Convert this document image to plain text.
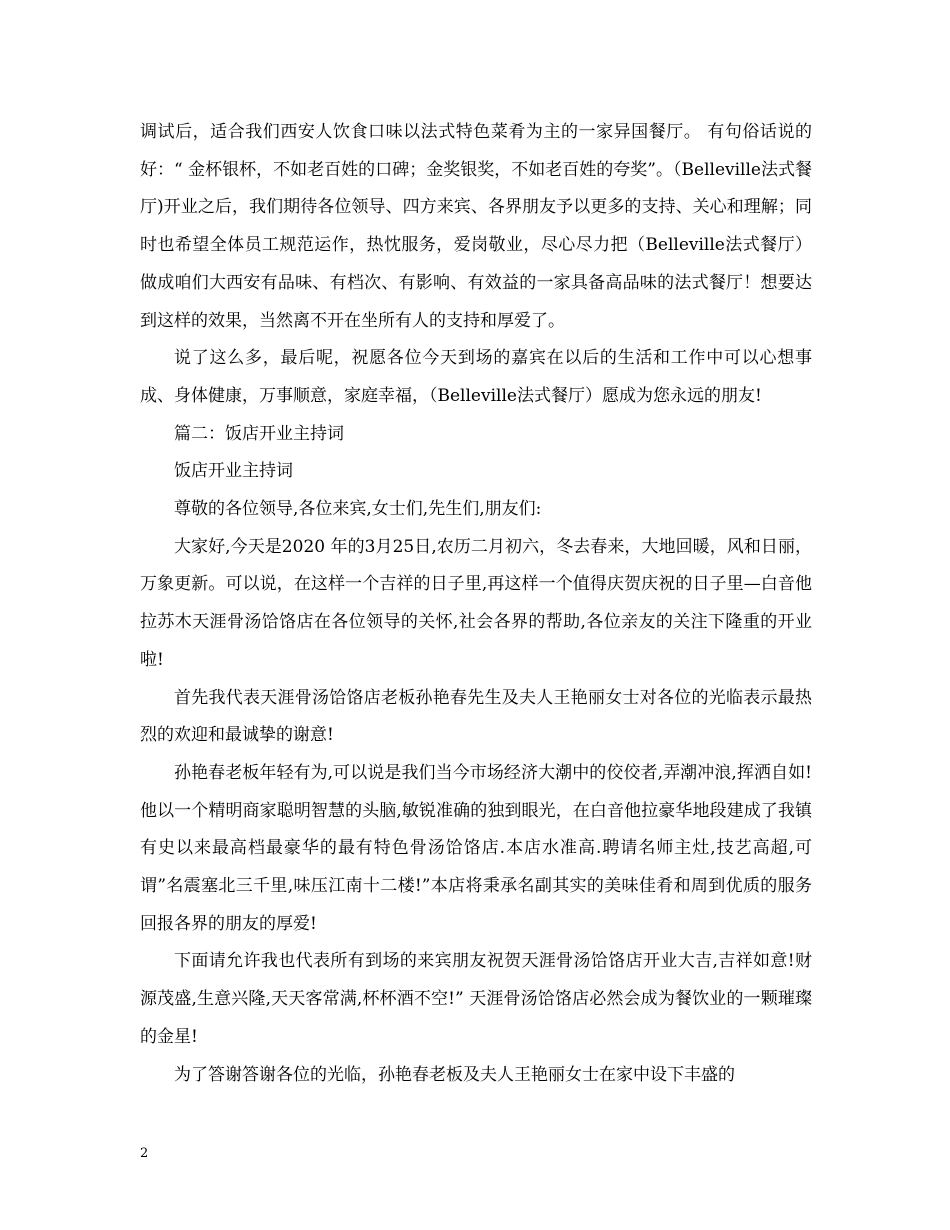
调试后，适合我们西安人饮食口味以法式特色菜肴为主的一家异国餐厅。 有句俗话说的好：“ 金杯银杯，不如老百姓的口碑；金奖银奖，不如老百姓的夸奖”。（Belleville法式餐厅)开业之后，我们期待各位领导、四方来宾、各界朋友予以更多的支持、关心和理解；同时也希望全体员工规范运作，热忱服务，爱岗敬业，尽心尽力把（Belleville法式餐厅）做成咱们大西安有品味、有档次、有影响、有效益的一家具备高品味的法式餐厅！想要达到这样的效果，当然离不开在坐所有人的支持和厚爱了。

说了这么多，最后呢，祝愿各位今天到场的嘉宾在以后的生活和工作中可以心想事成、身体健康，万事顺意，家庭幸福，（Belleville法式餐厅）愿成为您永远的朋友!

篇二：饭店开业主持词

饭店开业主持词

尊敬的各位领导,各位来宾,女士们,先生们,朋友们:

大家好,今天是2020 年的3月25日,农历二月初六，冬去春来，大地回暖，风和日丽，万象更新。可以说，在这样一个吉祥的日子里,再这样一个值得庆贺庆祝的日子里—白音他拉苏木天涯骨汤饸饹店在各位领导的关怀,社会各界的帮助,各位亲友的关注下隆重的开业啦!

首先我代表天涯骨汤饸饹店老板孙艳春先生及夫人王艳丽女士对各位的光临表示最热烈的欢迎和最诚挚的谢意!

孙艳春老板年轻有为,可以说是我们当今市场经济大潮中的佼佼者,弄潮冲浪,挥洒自如!他以一个精明商家聪明智慧的头脑,敏锐准确的独到眼光，在白音他拉豪华地段建成了我镇有史以来最高档最豪华的最有特色骨汤饸饹店.本店水准高.聘请名师主灶,技艺高超,可谓”名震塞北三千里,味压江南十二楼!”本店将秉承名副其实的美味佳肴和周到优质的服务回报各界的朋友的厚爱!

下面请允许我也代表所有到场的来宾朋友祝贺天涯骨汤饸饹店开业大吉,吉祥如意!财源茂盛,生意兴隆,天天客常满,杯杯酒不空!” 天涯骨汤饸饹店必然会成为餐饮业的一颗璀璨的金星!

为了答谢答谢各位的光临，孙艳春老板及夫人王艳丽女士在家中设下丰盛的

2
